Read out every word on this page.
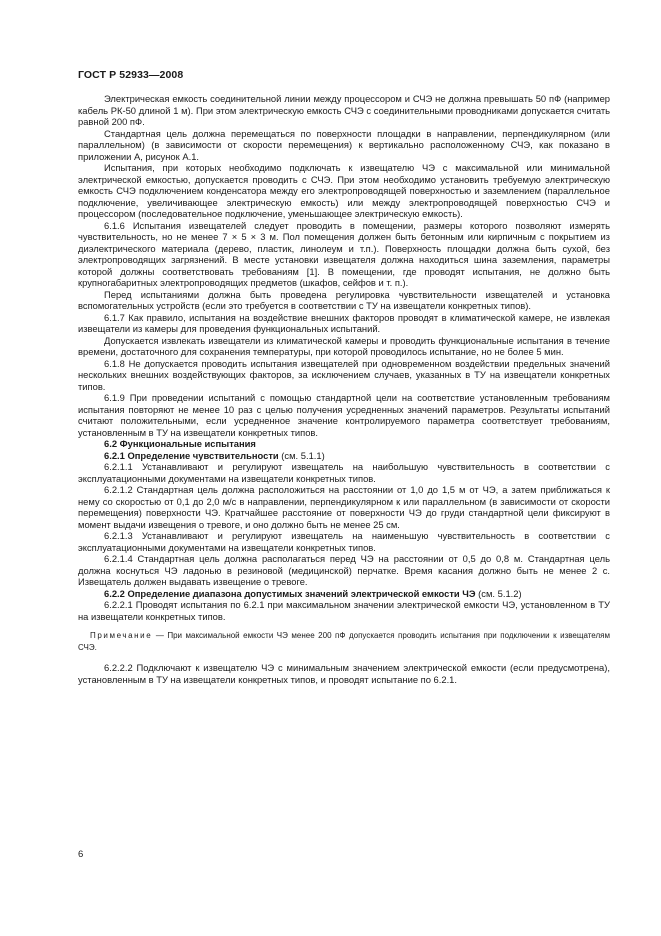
ГОСТ Р 52933—2008

Электрическая емкость соединительной линии между процессором и СЧЭ не должна превышать 50 пФ (например кабель РК-50 длиной 1 м). При этом электрическую емкость СЧЭ с соединительными проводниками допускается считать равной 200 пФ.

Стандартная цель должна перемещаться по поверхности площадки в направлении, перпендикулярном (или параллельном) (в зависимости от скорости перемещения) к вертикально расположенному СЧЭ, как показано в приложении А, рисунок А.1.

Испытания, при которых необходимо подключать к извещателю ЧЭ с максимальной или минимальной электрической емкостью, допускается проводить с СЧЭ. При этом необходимо установить требуемую электрическую емкость СЧЭ подключением конденсатора между его электропроводящей поверхностью и заземлением (параллельное подключение, увеличивающее электрическую емкость) или между электропроводящей поверхностью СЧЭ и процессором (последовательное подключение, уменьшающее электрическую емкость).

6.1.6 Испытания извещателей следует проводить в помещении, размеры которого позволяют измерять чувствительность, но не менее 7 × 5 × 3 м. Пол помещения должен быть бетонным или кирпичным с покрытием из диэлектрического материала (дерево, пластик, линолеум и т.п.). Поверхность площадки должна быть сухой, без электропроводящих загрязнений. В месте установки извещателя должна находиться шина заземления, параметры которой должны соответствовать требованиям [1]. В помещении, где проводят испытания, не должно быть крупногабаритных электропроводящих предметов (шкафов, сейфов и т. п.).

Перед испытаниями должна быть проведена регулировка чувствительности извещателей и установка вспомогательных устройств (если это требуется в соответствии с ТУ на извещатели конкретных типов).

6.1.7 Как правило, испытания на воздействие внешних факторов проводят в климатической камере, не извлекая извещатели из камеры для проведения функциональных испытаний.

Допускается извлекать извещатели из климатической камеры и проводить функциональные испытания в течение времени, достаточного для сохранения температуры, при которой проводилось испытание, но не более 5 мин.

6.1.8 Не допускается проводить испытания извещателей при одновременном воздействии предельных значений нескольких внешних воздействующих факторов, за исключением случаев, указанных в ТУ на извещатели конкретных типов.

6.1.9 При проведении испытаний с помощью стандартной цели на соответствие установленным требованиям испытания повторяют не менее 10 раз с целью получения усредненных значений параметров. Результаты испытаний считают положительными, если усредненное значение контролируемого параметра соответствует требованиям, установленным в ТУ на извещатели конкретных типов.

6.2 Функциональные испытания

6.2.1 Определение чувствительности (см. 5.1.1)

6.2.1.1 Устанавливают и регулируют извещатель на наибольшую чувствительность в соответствии с эксплуатационными документами на извещатели конкретных типов.

6.2.1.2 Стандартная цель должна расположиться на расстоянии от 1,0 до 1,5 м от ЧЭ, а затем приближаться к нему со скоростью от 0,1 до 2,0 м/с в направлении, перпендикулярном к или параллельном (в зависимости от скорости перемещения) поверхности ЧЭ. Кратчайшее расстояние от поверхности ЧЭ до груди стандартной цели фиксируют в момент выдачи извещения о тревоге, и оно должно быть не менее 25 см.

6.2.1.3 Устанавливают и регулируют извещатель на наименьшую чувствительность в соответствии с эксплуатационными документами на извещатели конкретных типов.

6.2.1.4 Стандартная цель должна располагаться перед ЧЭ на расстоянии от 0,5 до 0,8 м. Стандартная цель должна коснуться ЧЭ ладонью в резиновой (медицинской) перчатке. Время касания должно быть не менее 2 с. Извещатель должен выдавать извещение о тревоге.

6.2.2 Определение диапазона допустимых значений электрической емкости ЧЭ (см. 5.1.2)

6.2.2.1 Проводят испытания по 6.2.1 при максимальном значении электрической емкости ЧЭ, установленном в ТУ на извещатели конкретных типов.

Примечание — При максимальной емкости ЧЭ менее 200 пФ допускается проводить испытания при подключении к извещателям СЧЭ.

6.2.2.2 Подключают к извещателю ЧЭ с минимальным значением электрической емкости (если предусмотрена), установленным в ТУ на извещатели конкретных типов, и проводят испытание по 6.2.1.

6
